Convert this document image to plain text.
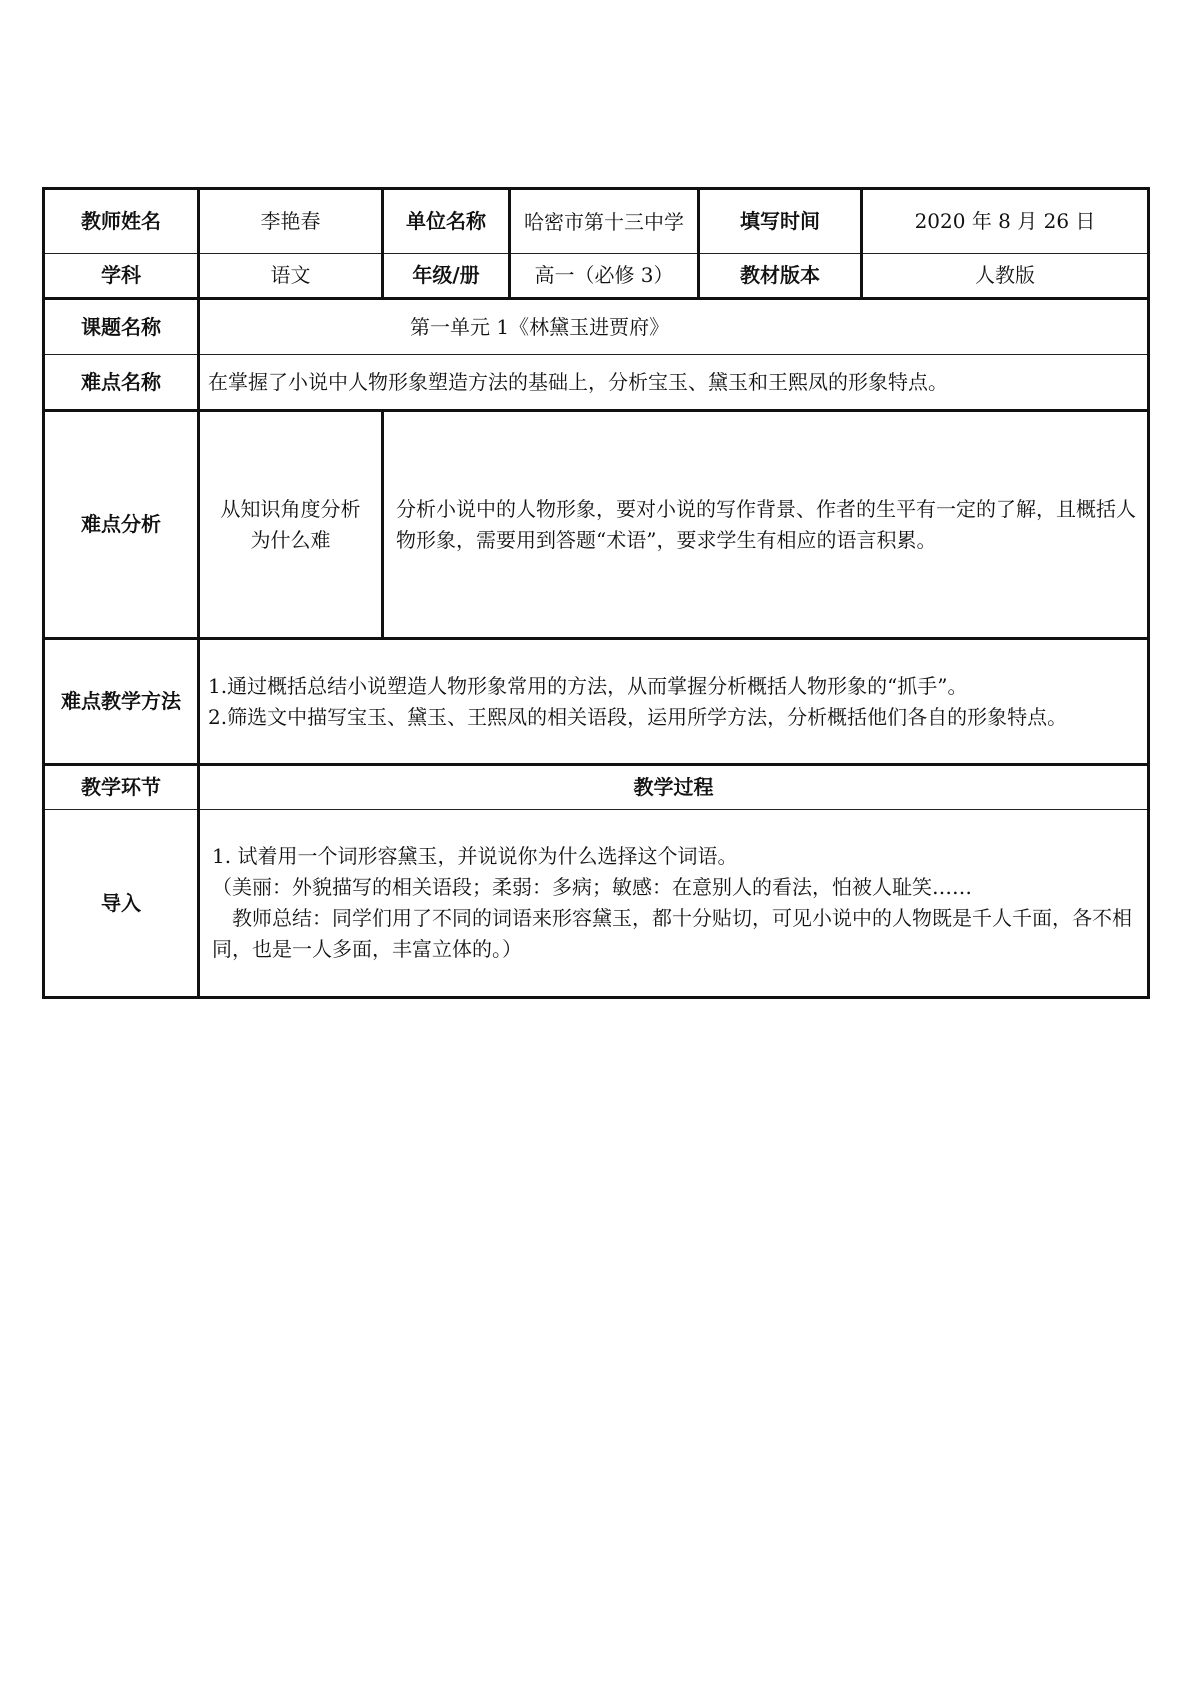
教师姓名	李艳春	单位名称	哈密市第十三中学	填写时间	2020 年 8 月 26 日
学科	语文	年级/册	高一（必修 3）	教材版本	人教版
课题名称	第一单元 1《林黛玉进贾府》				
难点名称	在掌握了小说中人物形象塑造方法的基础上，分析宝玉、黛玉和王熙凤的形象特点。				
难点分析	从知识角度分析为什么难	分析小说中的人物形象，要对小说的写作背景、作者的生平有一定的了解，且概括人物形象，需要用到答题“术语”，要求学生有相应的语言积累。			
难点教学方法	1.通过概括总结小说塑造人物形象常用的方法，从而掌握分析概括人物形象的“抓手”。

2.筛选文中描写宝玉、黛玉、王熙凤的相关语段，运用所学方法，分析概括他们各自的形象特点。				

教学环节	教学过程				
导入	1. 试着用一个词形容黛玉，并说说你为什么选择这个词语。

（美丽：外貌描写的相关语段；柔弱：多病；敏感：在意别人的看法，怕被人耻笑……

教师总结：同学们用了不同的词语来形容黛玉，都十分贴切，可见小说中的人物既是千人千面，各不相同，也是一人多面，丰富立体的。）				
